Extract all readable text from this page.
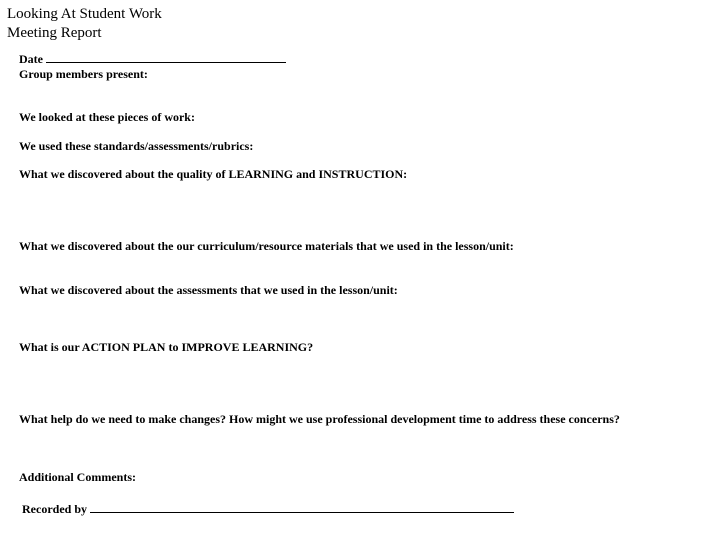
Looking At Student Work
Meeting Report
Date
Group members present:
We looked at these pieces of work:
We used these standards/assessments/rubrics:
What we discovered about the quality of LEARNING and INSTRUCTION:
What we discovered about the our curriculum/resource materials that we used in the lesson/unit:
What we discovered about the assessments that we used in the lesson/unit:
What is our ACTION PLAN to IMPROVE LEARNING?
What help do we need to make changes? How might we use professional development time to address these concerns?
Additional Comments:
Recorded by
